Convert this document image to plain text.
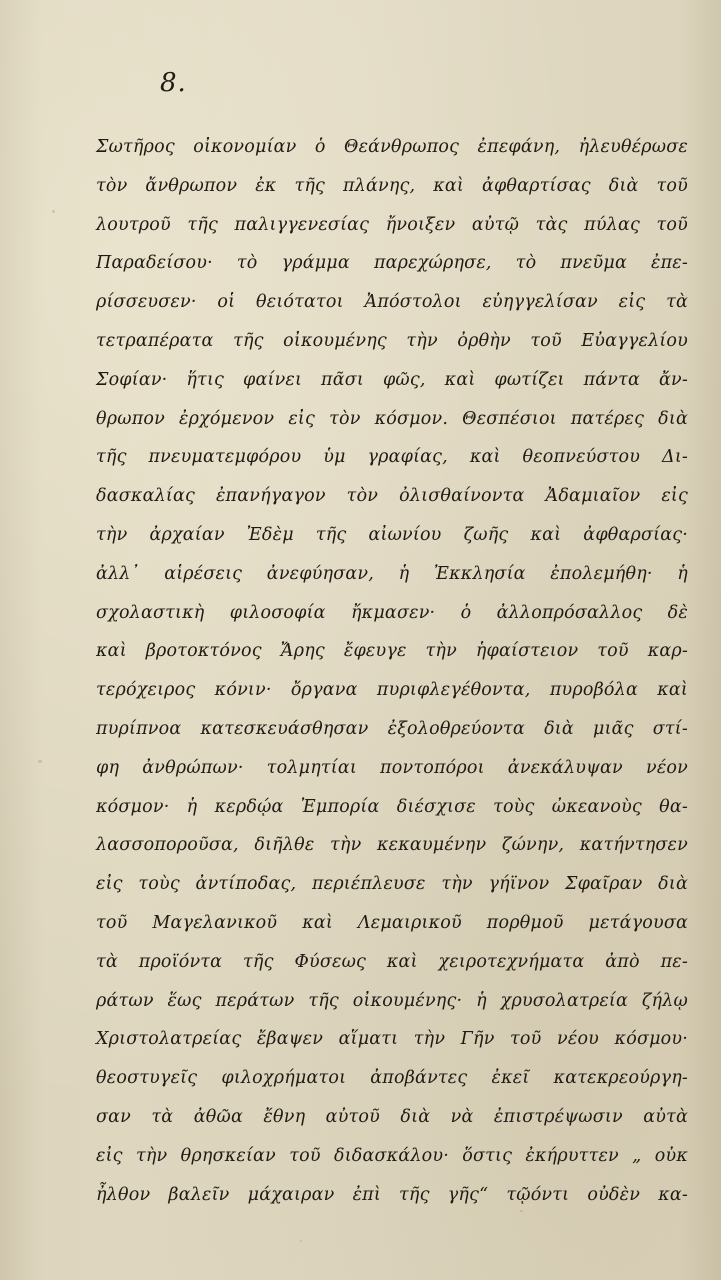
8.
Σωτῆρος οἰκονομίαν ὁ Θεάνθρωπος ἐπεφάνη, ἠλευθέρωσε
τὸν ἄνθρωπον ἐκ τῆς πλάνης, καὶ ἀφθαρτίσας διὰ τοῦ
λουτροῦ τῆς παλιγγενεσίας ἤνοιξεν αὐτῷ τὰς πύλας τοῦ
Παραδείσου· τὸ γράμμα παρεχώρησε, τὸ πνεῦμα ἐπε-
ρίσσευσεν· οἱ θειότατοι Ἀπόστολοι εὐηγγελίσαν εἰς τὰ
τετραπέρατα τῆς οἰκουμένης τὴν ὀρθὴν τοῦ Εὐαγγελίου
Σοφίαν· ἥτις φαίνει πᾶσι φῶς, καὶ φωτίζει πάντα ἄν-
θρωπον ἐρχόμενον εἰς τὸν κόσμον. Θεσπέσιοι πατέρες διὰ
τῆς πνευματεμφόρου ὑμ γραφίας, καὶ θεοπνεύστου Δι-
δασκαλίας ἐπανήγαγον τὸν ὀλισθαίνοντα Ἀδαμιαῖον εἰς
τὴν ἀρχαίαν Ἐδὲμ τῆς αἰωνίου ζωῆς καὶ ἀφθαρσίας·
ἀλλ᾽ αἱρέσεις ἀνεφύησαν, ἡ Ἐκκλησία ἐπολεμήθη· ἡ
σχολαστικὴ φιλοσοφία ἤκμασεν· ὁ ἀλλοπρόσαλλος δὲ
καὶ βροτοκτόνος Ἄρης ἔφευγε τὴν ἡφαίστειον τοῦ καρ-
τερόχειρος κόνιν· ὄργανα πυριφλεγέθοντα, πυροβόλα καὶ
πυρίπνοα κατεσκευάσθησαν ἐξολοθρεύοντα διὰ μιᾶς στί-
φη ἀνθρώπων· τολμητίαι ποντοπόροι ἀνεκάλυψαν νέον
κόσμον· ἡ κερδῴα Ἐμπορία διέσχισε τοὺς ὠκεανοὺς θα-
λασσοποροῦσα, διῆλθε τὴν κεκαυμένην ζώνην, κατήντησεν
εἰς τοὺς ἀντίποδας, περιέπλευσε τὴν γήϊνον Σφαῖραν διὰ
τοῦ Μαγελανικοῦ καὶ Λεμαιρικοῦ πορθμοῦ μετάγουσα
τὰ προϊόντα τῆς Φύσεως καὶ χειροτεχνήματα ἀπὸ πε-
ράτων ἕως περάτων τῆς οἰκουμένης· ἡ χρυσολατρεία ζήλῳ
Χριστολατρείας ἔβαψεν αἵματι τὴν Γῆν τοῦ νέου κόσμου·
θεοστυγεῖς φιλοχρήματοι ἀποβάντες ἐκεῖ κατεκρεούργη-
σαν τὰ ἀθῶα ἔθνη αὐτοῦ διὰ νὰ ἐπιστρέψωσιν αὐτὰ
εἰς τὴν θρησκείαν τοῦ διδασκάλου· ὅστις ἐκήρυττεν „ οὐκ
ἦλθον βαλεῖν μάχαιραν ἐπὶ τῆς γῆς“ τῷόντι οὐδὲν κα-
